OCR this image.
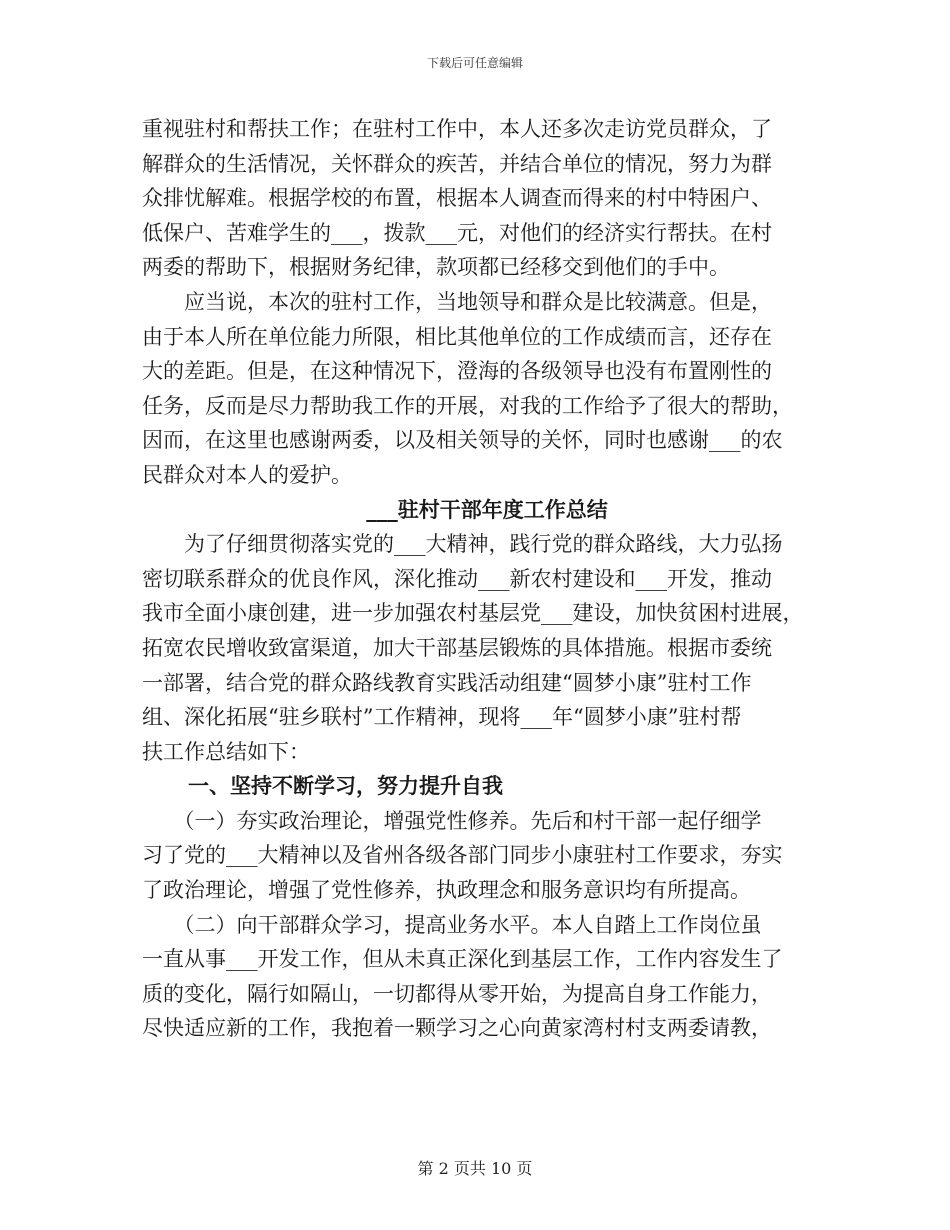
下载后可任意编辑
重视驻村和帮扶工作；在驻村工作中，本人还多次走访党员群众，了
解群众的生活情况，关怀群众的疾苦，并结合单位的情况，努力为群
众排忧解难。根据学校的布置，根据本人调查而得来的村中特困户、
低保户、苦难学生的___，拨款___元，对他们的经济实行帮扶。在村
两委的帮助下，根据财务纪律，款项都已经移交到他们的手中。
　　应当说，本次的驻村工作，当地领导和群众是比较满意。但是，
由于本人所在单位能力所限，相比其他单位的工作成绩而言，还存在
大的差距。但是，在这种情况下，澄海的各级领导也没有布置刚性的
任务，反而是尽力帮助我工作的开展，对我的工作给予了很大的帮助，
因而，在这里也感谢两委，以及相关领导的关怀，同时也感谢___的农
民群众对本人的爱护。
___驻村干部年度工作总结
　　为了仔细贯彻落实党的___大精神，践行党的群众路线，大力弘扬
密切联系群众的优良作风，深化推动___新农村建设和___开发，推动
我市全面小康创建，进一步加强农村基层党___建设，加快贫困村进展，
拓宽农民增收致富渠道，加大干部基层锻炼的具体措施。根据市委统
一部署，结合党的群众路线教育实践活动组建“圆梦小康”驻村工作
组、深化拓展“驻乡联村”工作精神，现将___年“圆梦小康”驻村帮
扶工作总结如下：
一、坚持不断学习，努力提升自我
　　（一）夯实政治理论，增强党性修养。先后和村干部一起仔细学
习了党的___大精神以及省州各级各部门同步小康驻村工作要求，夯实
了政治理论，增强了党性修养，执政理念和服务意识均有所提高。
　　（二）向干部群众学习，提高业务水平。本人自踏上工作岗位虽
一直从事___开发工作，但从未真正深化到基层工作，工作内容发生了
质的变化，隔行如隔山，一切都得从零开始，为提高自身工作能力，
尽快适应新的工作，我抱着一颗学习之心向黄家湾村村支两委请教，
第 2 页共 10 页
